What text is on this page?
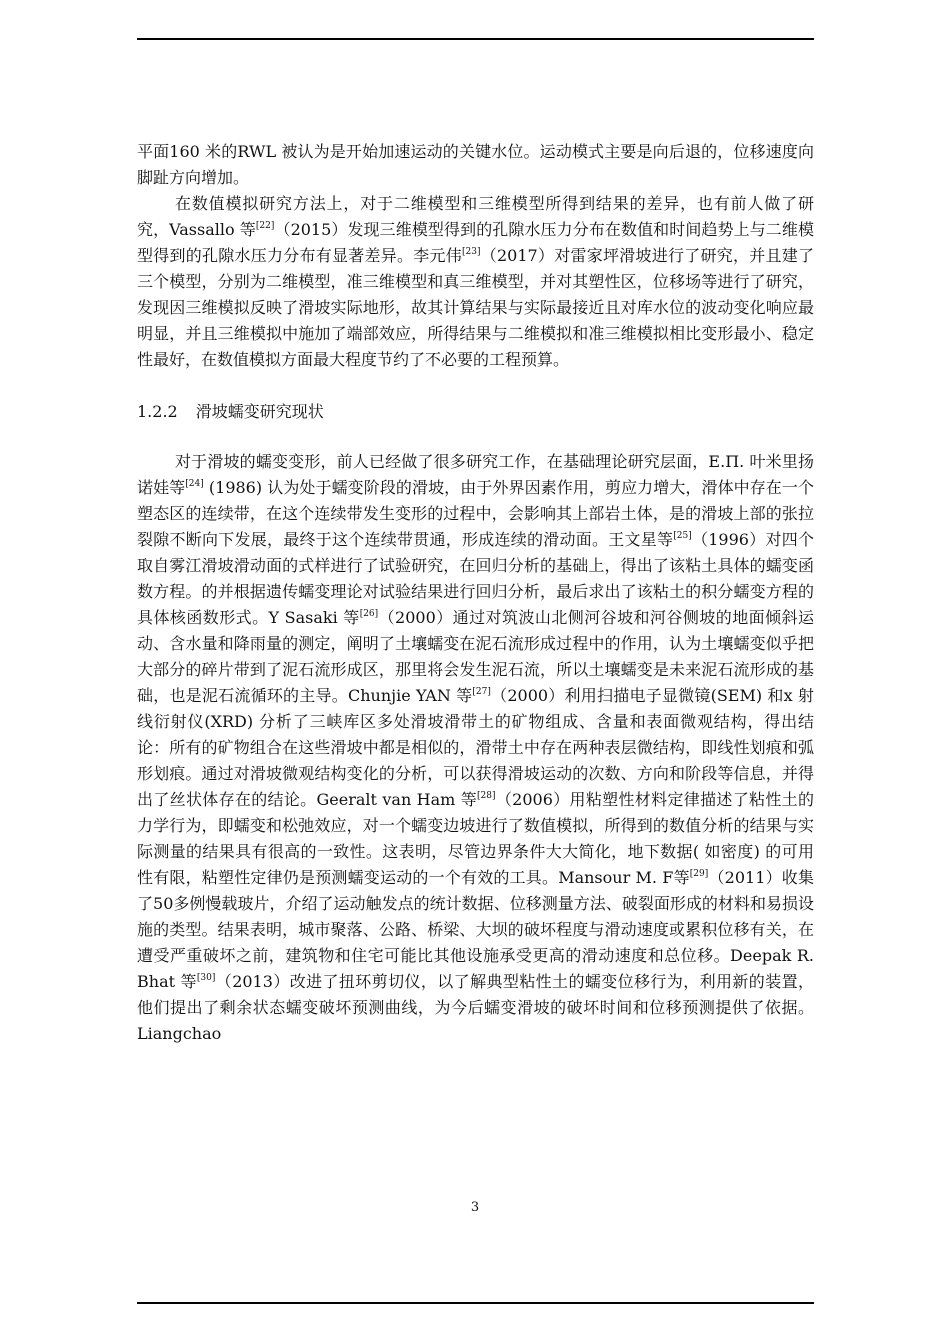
平面160 米的RWL 被认为是开始加速运动的关键水位。运动模式主要是向后退的，位移速度向脚趾方向增加。

在数值模拟研究方法上，对于二维模型和三维模型所得到结果的差异，也有前人做了研究，Vassallo 等[22]（2015）发现三维模型得到的孔隙水压力分布在数值和时间趋势上与二维模型得到的孔隙水压力分布有显著差异。李元伟[23]（2017）对雷家坪滑坡进行了研究，并且建了三个模型，分别为二维模型，准三维模型和真三维模型，并对其塑性区，位移场等进行了研究，发现因三维模拟反映了滑坡实际地形，故其计算结果与实际最接近且对库水位的波动变化响应最明显，并且三维模拟中施加了端部效应，所得结果与二维模拟和准三维模拟相比变形最小、稳定性最好，在数值模拟方面最大程度节约了不必要的工程预算。

1.2.2 滑坡蠕变研究现状

对于滑坡的蠕变变形，前人已经做了很多研究工作，在基础理论研究层面，E.П. 叶米里扬诺娃等[24] (1986) 认为处于蠕变阶段的滑坡，由于外界因素作用，剪应力增大，滑体中存在一个塑态区的连续带，在这个连续带发生变形的过程中，会影响其上部岩土体，是的滑坡上部的张拉裂隙不断向下发展，最终于这个连续带贯通，形成连续的滑动面。王文星等[25]（1996）对四个取自雾江滑坡滑动面的式样进行了试验研究，在回归分析的基础上，得出了该粘土具体的蠕变函数方程。的并根据遗传蠕变理论对试验结果进行回归分析，最后求出了该粘土的积分蠕变方程的具体核函数形式。Y Sasaki 等[26]（2000）通过对筑波山北侧河谷坡和河谷侧坡的地面倾斜运动、含水量和降雨量的测定，阐明了土壤蠕变在泥石流形成过程中的作用，认为土壤蠕变似乎把大部分的碎片带到了泥石流形成区，那里将会发生泥石流，所以土壤蠕变是未来泥石流形成的基础，也是泥石流循环的主导。Chunjie YAN 等[27]（2000）利用扫描电子显微镜(SEM) 和x 射线衍射仪(XRD) 分析了三峡库区多处滑坡滑带土的矿物组成、含量和表面微观结构，得出结论：所有的矿物组合在这些滑坡中都是相似的，滑带土中存在两种表层微结构，即线性划痕和弧形划痕。通过对滑坡微观结构变化的分析，可以获得滑坡运动的次数、方向和阶段等信息，并得出了丝状体存在的结论。Geeralt van Ham 等[28]（2006）用粘塑性材料定律描述了粘性土的力学行为，即蠕变和松弛效应，对一个蠕变边坡进行了数值模拟，所得到的数值分析的结果与实际测量的结果具有很高的一致性。这表明，尽管边界条件大大简化，地下数据( 如密度) 的可用性有限，粘塑性定律仍是预测蠕变运动的一个有效的工具。Mansour M. F等[29]（2011）收集了50多例慢载玻片，介绍了运动触发点的统计数据、位移测量方法、破裂面形成的材料和易损设施的类型。结果表明，城市聚落、公路、桥梁、大坝的破坏程度与滑动速度或累积位移有关，在遭受严重破坏之前，建筑物和住宅可能比其他设施承受更高的滑动速度和总位移。Deepak R. Bhat 等[30]（2013）改进了扭环剪切仪，以了解典型粘性土的蠕变位移行为，利用新的装置，他们提出了剩余状态蠕变破坏预测曲线，为今后蠕变滑坡的破坏时间和位移预测提供了依据。Liangchao

3
